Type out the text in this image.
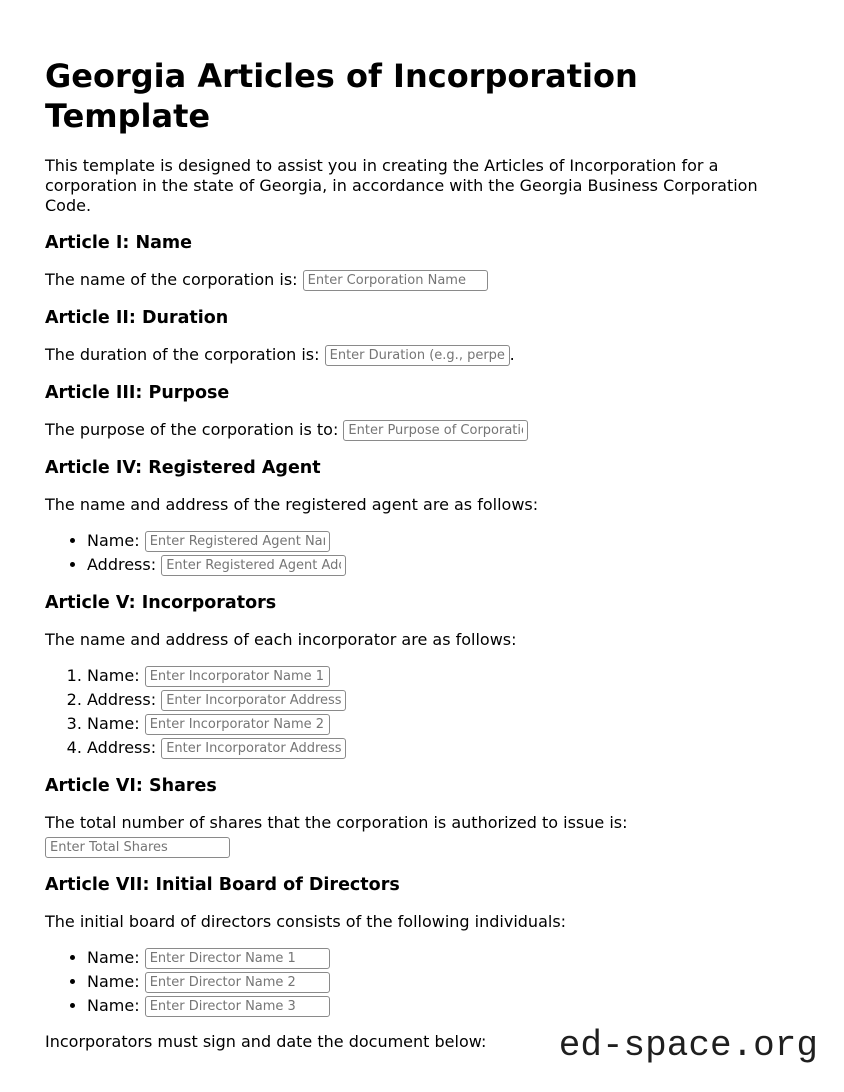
Georgia Articles of Incorporation Template

This template is designed to assist you in creating the Articles of Incorporation for a corporation in the state of Georgia, in accordance with the Georgia Business Corporation Code.

Article I: Name

The name of the corporation is: Enter Corporation Name

Article II: Duration

The duration of the corporation is: Enter Duration (e.g., perpetual)	.

Article III: Purpose

The purpose of the corporation is to: Enter Purpose of Corporation

Article IV: Registered Agent

The name and address of the registered agent are as follows:

• Name: Enter Registered Agent Name
• Address: Enter Registered Agent Address
Article V: Incorporators

The name and address of each incorporator are as follows:

1. Name: Enter Incorporator Name 1
2. Address: Enter Incorporator Address 1
3. Name: Enter Incorporator Name 2
4. Address: Enter Incorporator Address 2
Article VI: Shares

The total number of shares that the corporation is authorized to issue is:
Enter Total Shares

Article VII: Initial Board of Directors

The initial board of directors consists of the following individuals:

• Name: Enter Director Name 1
• Name: Enter Director Name 2
• Name: Enter Director Name 3

Incorporators must sign and date the document below:	ed-space.org
